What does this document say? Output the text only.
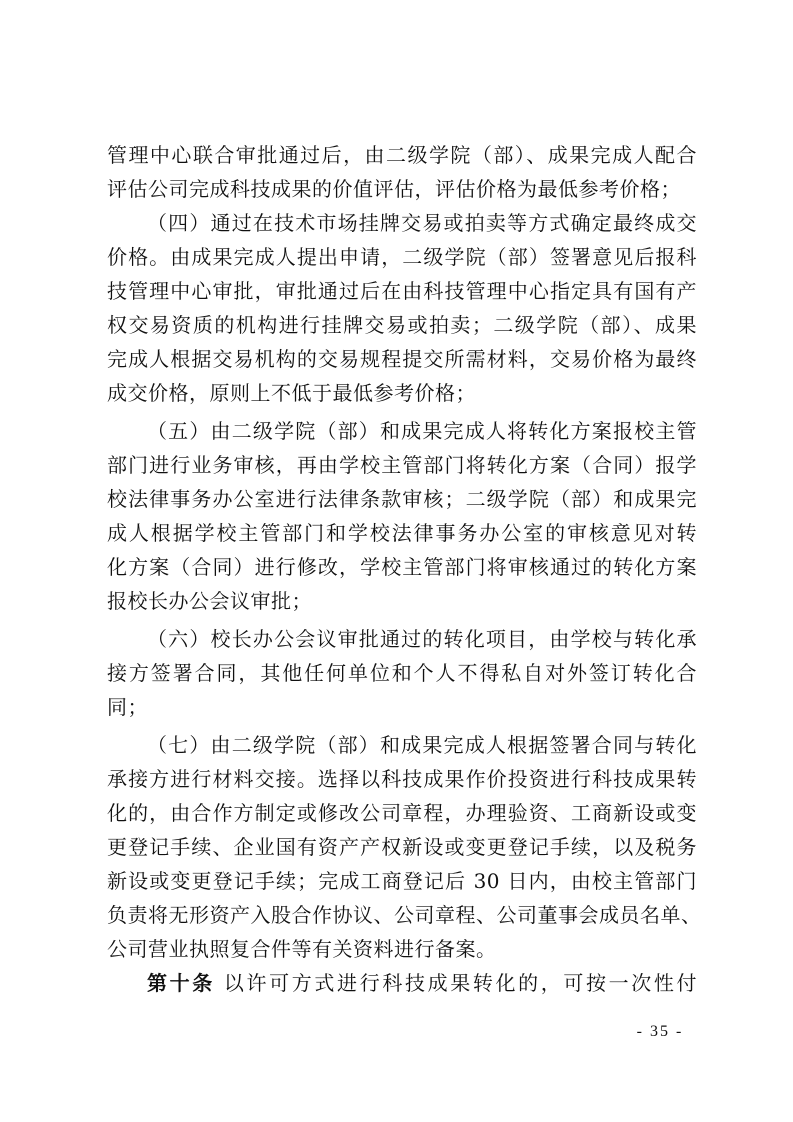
管理中心联合审批通过后，由二级学院（部）、成果完成人配合
评估公司完成科技成果的价值评估，评估价格为最低参考价格；
（四）通过在技术市场挂牌交易或拍卖等方式确定最终成交
价格。由成果完成人提出申请，二级学院（部）签署意见后报科
技管理中心审批，审批通过后在由科技管理中心指定具有国有产
权交易资质的机构进行挂牌交易或拍卖；二级学院（部）、成果
完成人根据交易机构的交易规程提交所需材料，交易价格为最终
成交价格，原则上不低于最低参考价格；
（五）由二级学院（部）和成果完成人将转化方案报校主管
部门进行业务审核，再由学校主管部门将转化方案（合同）报学
校法律事务办公室进行法律条款审核；二级学院（部）和成果完
成人根据学校主管部门和学校法律事务办公室的审核意见对转
化方案（合同）进行修改，学校主管部门将审核通过的转化方案
报校长办公会议审批；
（六）校长办公会议审批通过的转化项目，由学校与转化承
接方签署合同，其他任何单位和个人不得私自对外签订转化合
同；
（七）由二级学院（部）和成果完成人根据签署合同与转化
承接方进行材料交接。选择以科技成果作价投资进行科技成果转
化的，由合作方制定或修改公司章程，办理验资、工商新设或变
更登记手续、企业国有资产产权新设或变更登记手续，以及税务
新设或变更登记手续；完成工商登记后 30 日内，由校主管部门
负责将无形资产入股合作协议、公司章程、公司董事会成员名单、
公司营业执照复合件等有关资料进行备案。
第十条 以许可方式进行科技成果转化的，可按一次性付
- 35 -
